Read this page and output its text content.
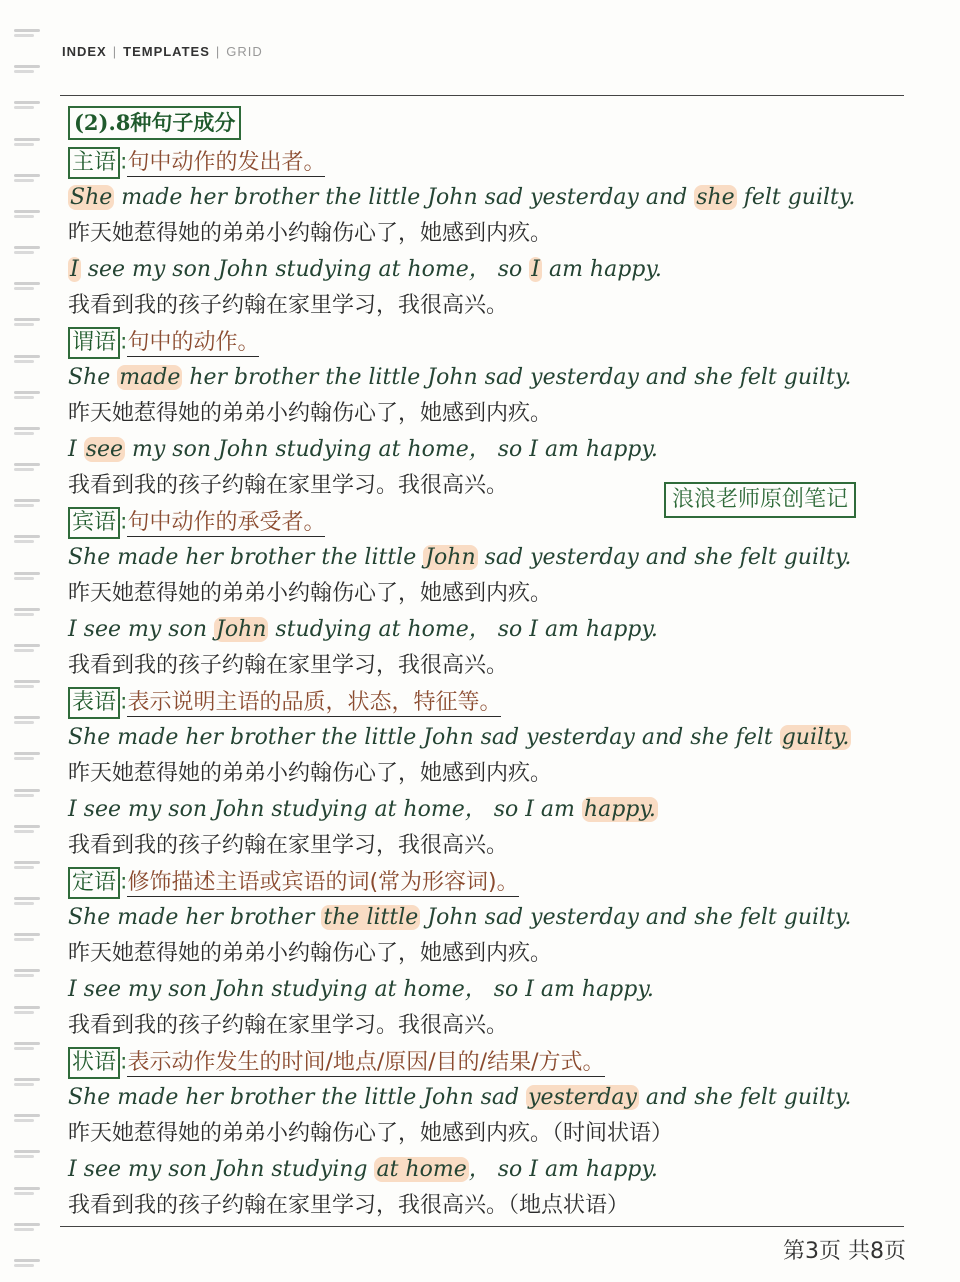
INDEX | TEMPLATES | GRID
(2).8种句子成分
主语 :句中动作的发出者。
She made her brother the little John sad yesterday and she felt guilty.
昨天她惹得她的弟弟小约翰伤心了，她感到内疚。
I see my son John studying at home， so I am happy.
我看到我的孩子约翰在家里学习，我很高兴。
谓语 :句中的动作。
She made her brother the little John sad yesterday and she felt guilty.
昨天她惹得她的弟弟小约翰伤心了，她感到内疚。
I see my son John studying at home， so I am happy.
我看到我的孩子约翰在家里学习。我很高兴。
宾语 :句中动作的承受者。
She made her brother the little John sad yesterday and she felt guilty.
昨天她惹得她的弟弟小约翰伤心了，她感到内疚。
I see my son John studying at home， so I am happy.
我看到我的孩子约翰在家里学习，我很高兴。
表语 :表示说明主语的品质，状态，特征等。
She made her brother the little John sad yesterday and she felt guilty.
昨天她惹得她的弟弟小约翰伤心了，她感到内疚。
I see my son John studying at home， so I am happy.
我看到我的孩子约翰在家里学习，我很高兴。
定语 :修饰描述主语或宾语的词(常为形容词)。
She made her brother the little John sad yesterday and she felt guilty.
昨天她惹得她的弟弟小约翰伤心了，她感到内疚。
I see my son John studying at home， so I am happy.
我看到我的孩子约翰在家里学习。我很高兴。
状语 :表示动作发生的时间/地点/原因/目的/结果/方式。
She made her brother the little John sad yesterday and she felt guilty.
昨天她惹得她的弟弟小约翰伤心了，她感到内疚。（时间状语）
I see my son John studying at home， so I am happy.
我看到我的孩子约翰在家里学习，我很高兴。（地点状语）
浪浪老师原创笔记
第3页 共8页
